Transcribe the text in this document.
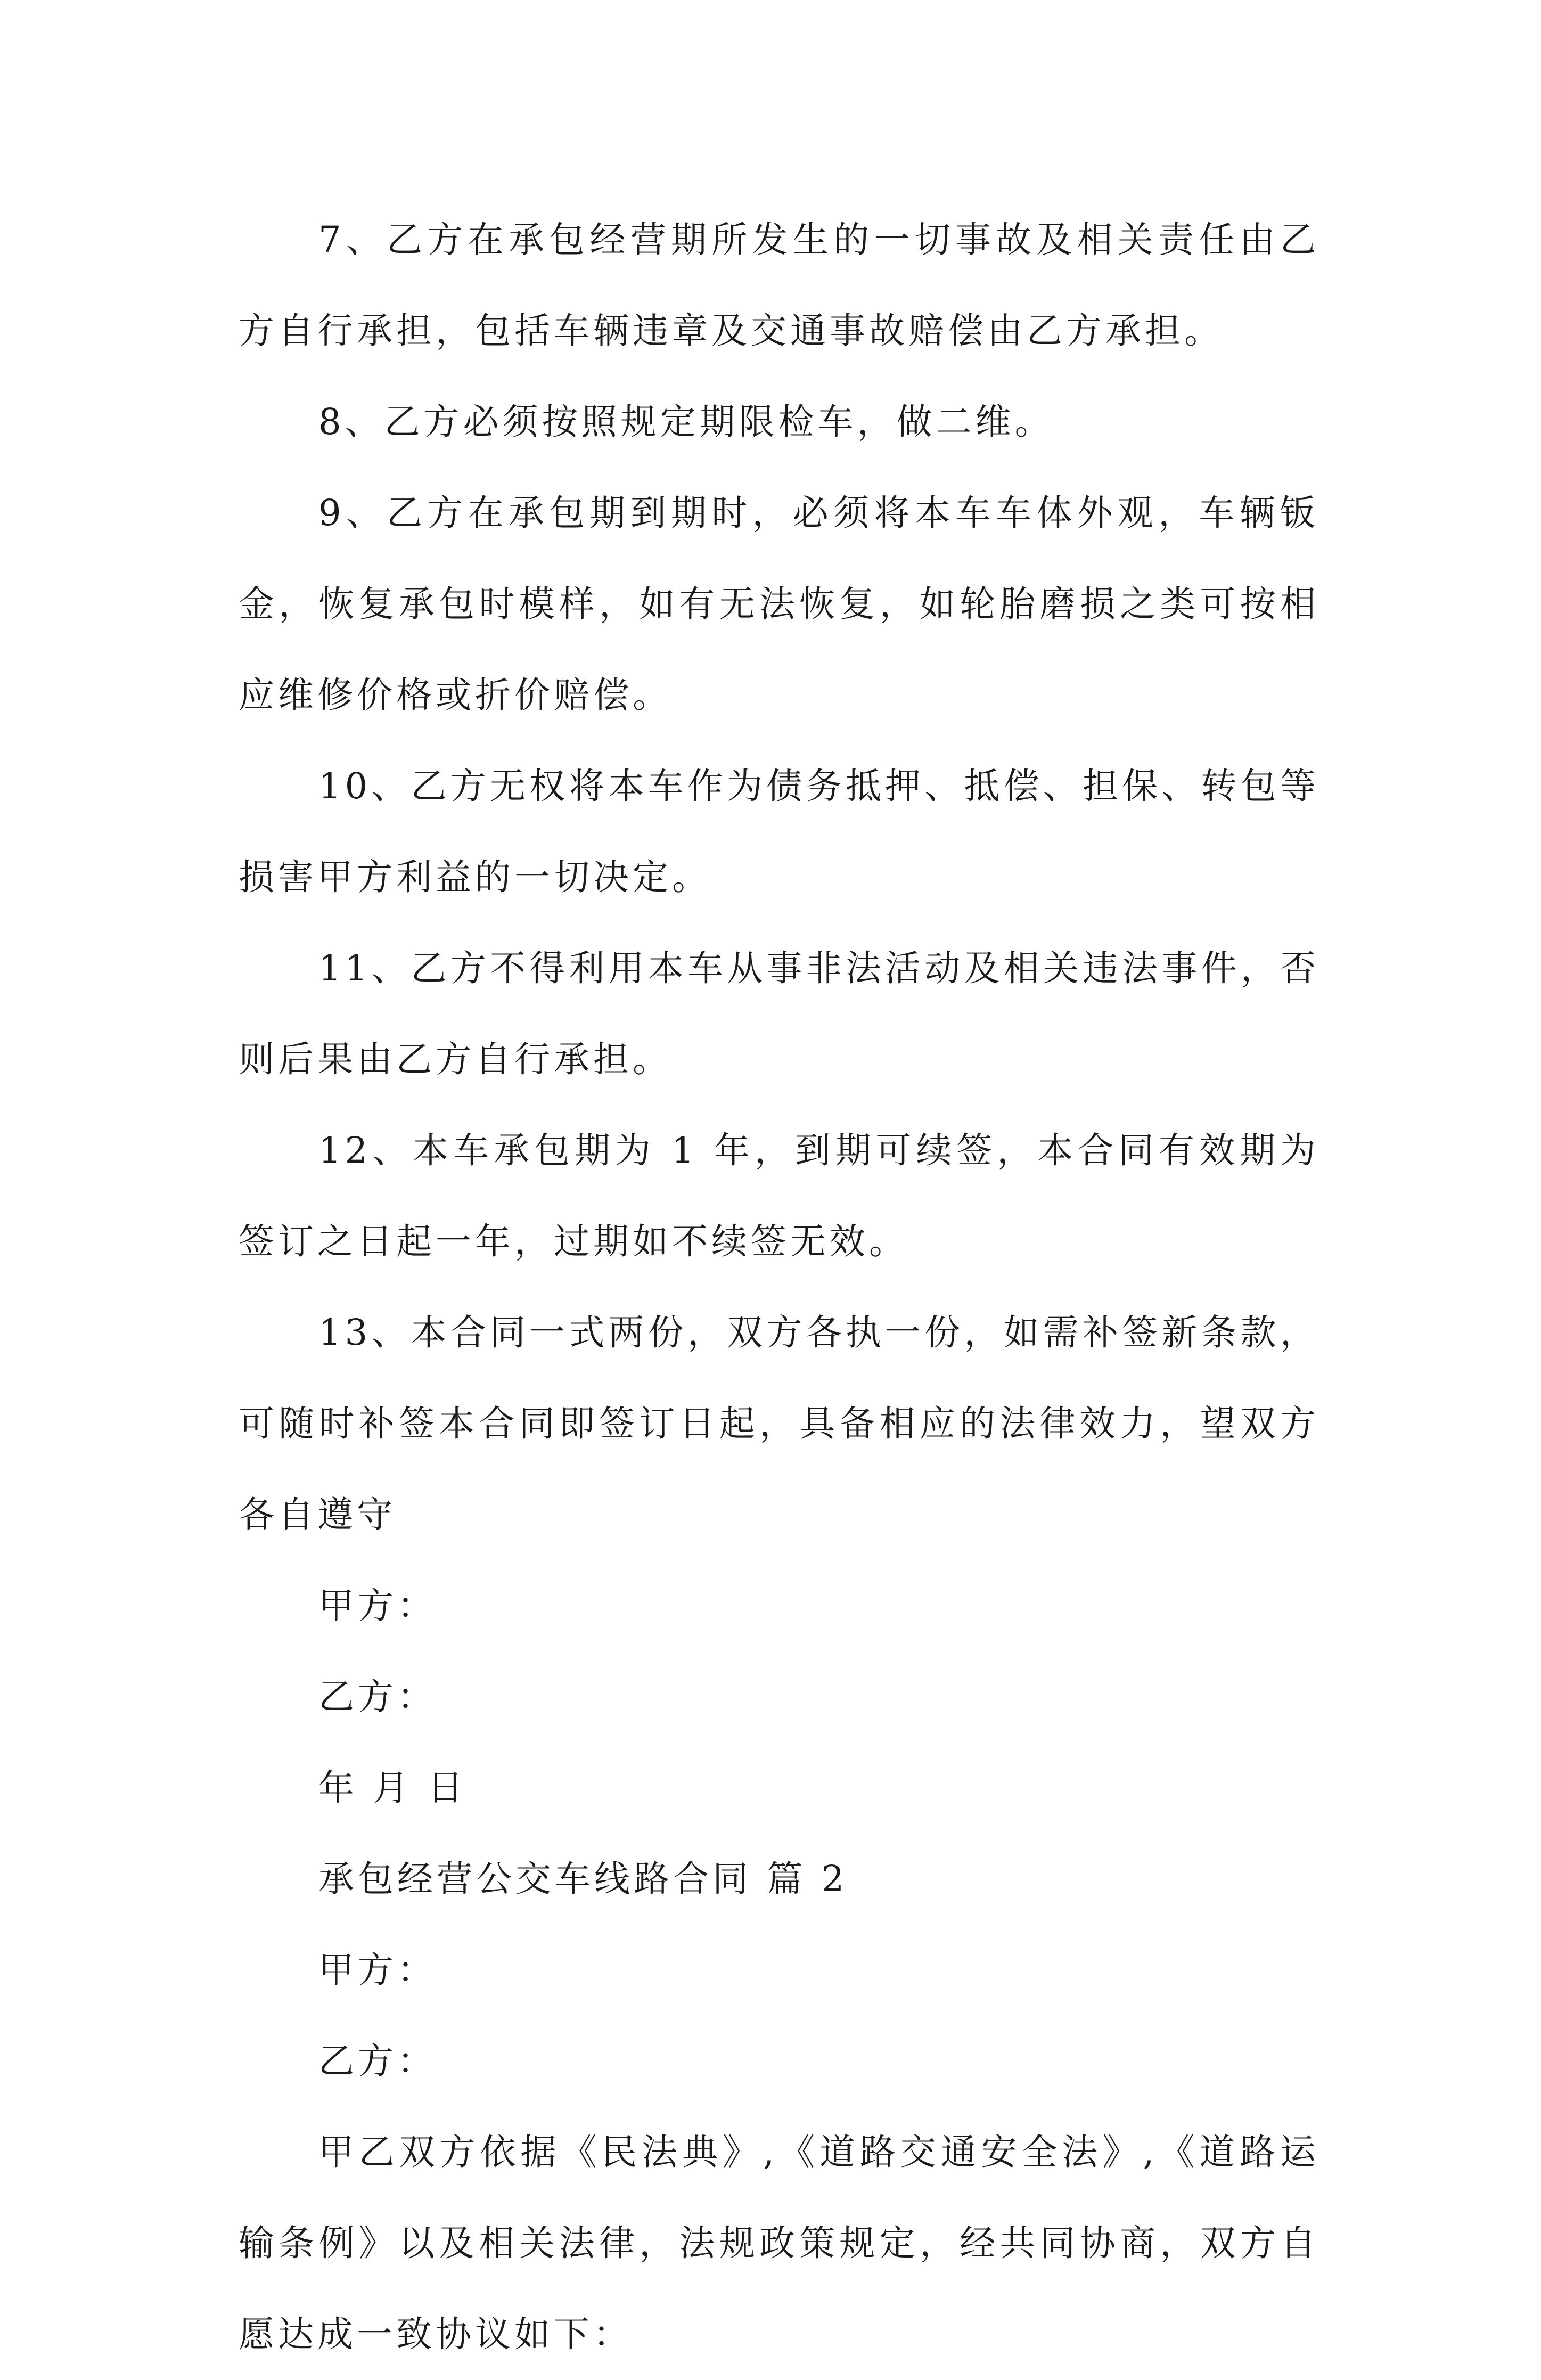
7、乙方在承包经营期所发生的一切事故及相关责任由乙方自行承担，包括车辆违章及交通事故赔偿由乙方承担。

8、乙方必须按照规定期限检车，做二维。

9、乙方在承包期到期时，必须将本车车体外观，车辆钣金，恢复承包时模样，如有无法恢复，如轮胎磨损之类可按相应维修价格或折价赔偿。

10、乙方无权将本车作为债务抵押、抵偿、担保、转包等损害甲方利益的一切决定。

11、乙方不得利用本车从事非法活动及相关违法事件，否则后果由乙方自行承担。

12、本车承包期为 1 年，到期可续签，本合同有效期为签订之日起一年，过期如不续签无效。

13、本合同一式两份，双方各执一份，如需补签新条款，可随时补签本合同即签订日起，具备相应的法律效力，望双方各自遵守

甲方：

乙方：

年 月 日

承包经营公交车线路合同 篇 2

甲方：

乙方：

甲乙双方依据《民法典》,《道路交通安全法》,《道路运输条例》以及相关法律，法规政策规定，经共同协商，双方自愿达成一致协议如下：
